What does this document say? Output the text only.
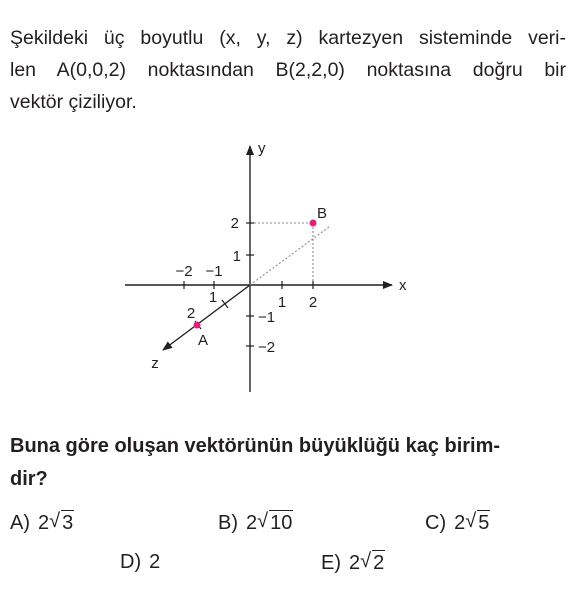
Şekildeki üç boyutlu (x, y, z) kartezyen sisteminde veri-
len A(0,0,2) noktasından B(2,2,0) noktasına doğru bir
vektör çiziliyor.
−2 −1
1 2
2
1
−1
−2
1
2
x
y
z
A
B
Buna göre oluşan vektörünün büyüklüğü kaç birim-
dir?
A) 2 √ 3	B) 2 √ 10	C) 2 √ 5
D) 2	E) 2 √ 2
